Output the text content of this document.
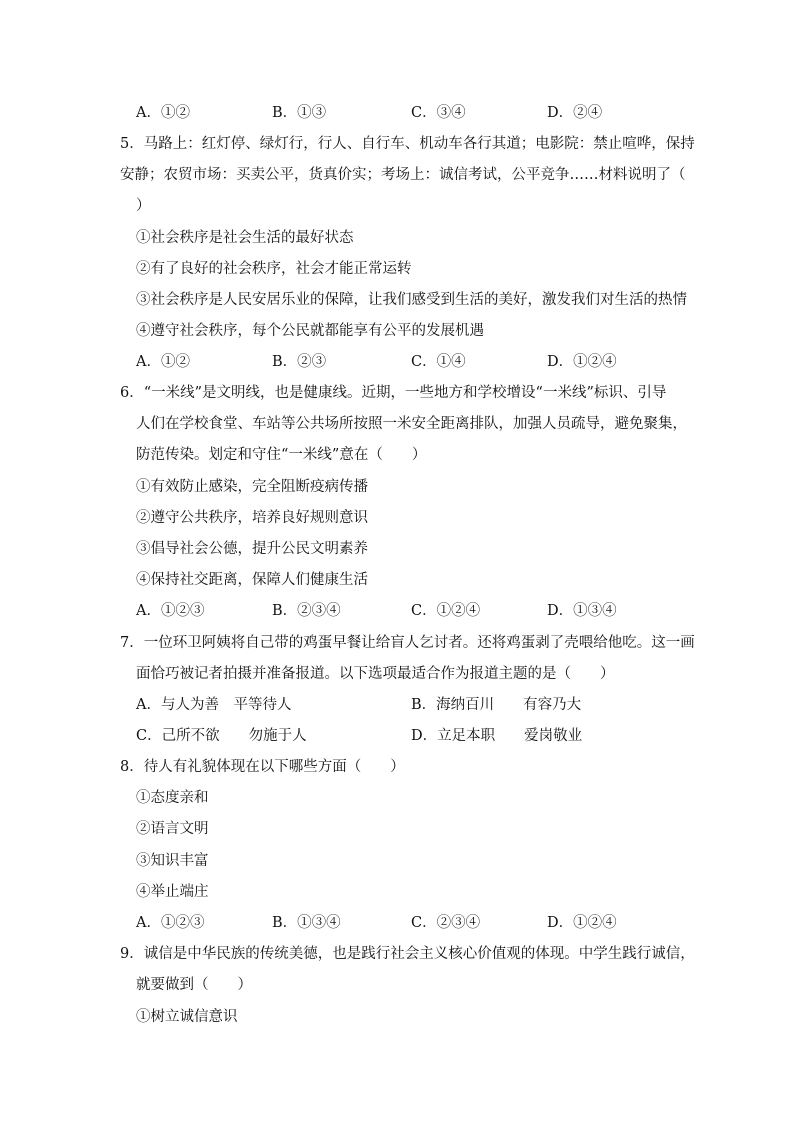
A．①②	B．①③	C．③④	D．②④
5．马路上：红灯停、绿灯行，行人、自行车、机动车各行其道；电影院：禁止喧哗，保持
安静；农贸市场：买卖公平，货真价实；考场上：诚信考试，公平竞争……材料说明了（
）
①社会秩序是社会生活的最好状态
②有了良好的社会秩序，社会才能正常运转
③社会秩序是人民安居乐业的保障，让我们感受到生活的美好，激发我们对生活的热情
④遵守社会秩序，每个公民就都能享有公平的发展机遇
A．①②	B．②③	C．①④	D．①②④
6．“一米线”是文明线，也是健康线。近期，一些地方和学校增设“一米线”标识、引导
人们在学校食堂、车站等公共场所按照一米安全距离排队，加强人员疏导，避免聚集，
防范传染。划定和守住“一米线”意在（　　）
①有效防止感染，完全阻断疫病传播
②遵守公共秩序，培养良好规则意识
③倡导社会公德，提升公民文明素养
④保持社交距离，保障人们健康生活
A．①②③	B．②③④	C．①②④	D．①③④
7．一位环卫阿姨将自己带的鸡蛋早餐让给盲人乞讨者。还将鸡蛋剥了壳喂给他吃。这一画
面恰巧被记者拍摄并准备报道。以下选项最适合作为报道主题的是（　　）
A．与人为善　平等待人	B．海纳百川　　有容乃大
C．己所不欲　　勿施于人	D．立足本职　　爱岗敬业
8．待人有礼貌体现在以下哪些方面（　　）
①态度亲和
②语言文明
③知识丰富
④举止端庄
A．①②③	B．①③④	C．②③④	D．①②④
9．诚信是中华民族的传统美德，也是践行社会主义核心价值观的体现。中学生践行诚信，
就要做到（　　）
①树立诚信意识
